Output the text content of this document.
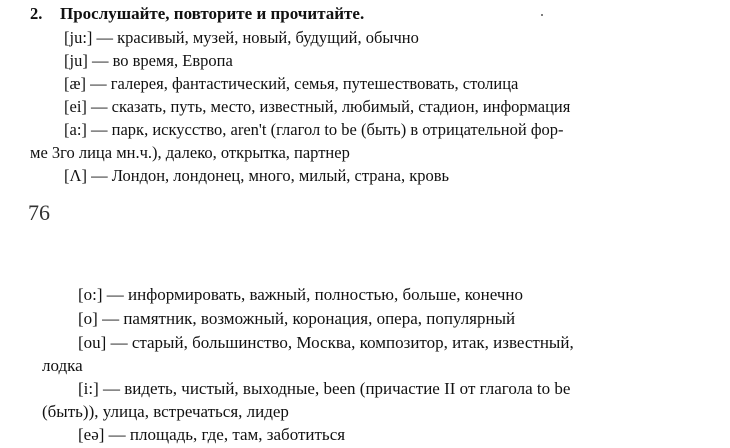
2. Прослушайте, повторите и прочитайте.
[ju:] — красивый, музей, новый, будущий, обычно
[ju] — во время, Европа
[æ] — галерея, фантастический, семья, путешествовать, столица
[ei] — сказать, путь, место, известный, любимый, стадион, информация
[a:] — парк, искусство, aren't (глагол to be (быть) в отрицательной фор-
ме 3го лица мн.ч.), далеко, открытка, партнер
[Λ] — Лондон, лондонец, много, милый, страна, кровь
76
[o:] — информировать, важный, полностью, больше, конечно
[o] — памятник, возможный, коронация, опера, популярный
[ou] — старый, большинство, Москва, композитор, итак, известный,
лодка
[i:] — видеть, чистый, выходные, been (причастие II от глагола to be
(быть)), улица, встречаться, лидер
[eə] — площадь, где, там, заботиться
